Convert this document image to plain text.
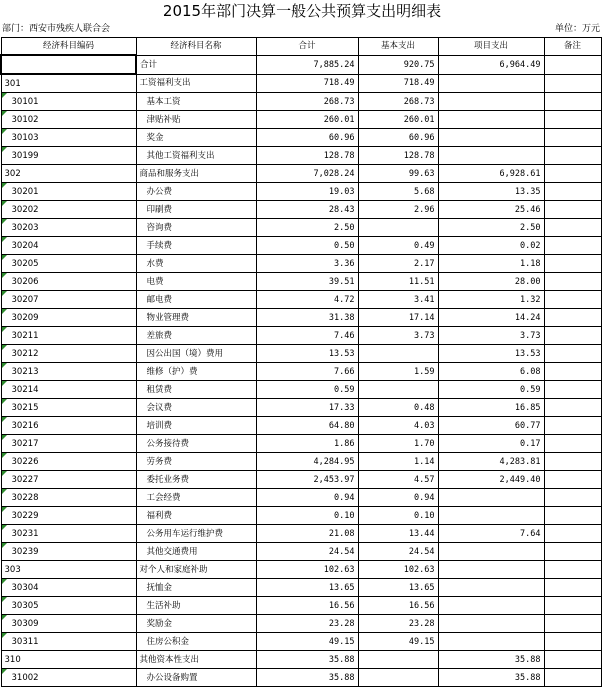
2015年部门决算一般公共预算支出明细表
部门：西安市残疾人联合会	单位：万元
经济科目编码	经济科目名称	合计	基本支出	项目支出	备注
	合计	7,885.24	920.75	6,964.49	
301	工资福利支出	718.49	718.49		

30101	基本工资	268.73	268.73		

30102	津贴补贴	260.01	260.01		

30103	奖金	60.96	60.96		

30199	其他工资福利支出	128.78	128.78		
302	商品和服务支出	7,028.24	99.63	6,928.61	

30201	办公费	19.03	5.68	13.35	

30202	印刷费	28.43	2.96	25.46	

30203	咨询费	2.50		2.50	

30204	手续费	0.50	0.49	0.02	

30205	水费	3.36	2.17	1.18	

30206	电费	39.51	11.51	28.00	

30207	邮电费	4.72	3.41	1.32	

30209	物业管理费	31.38	17.14	14.24	

30211	差旅费	7.46	3.73	3.73	

30212	因公出国（境）费用	13.53		13.53	

30213	维修（护）费	7.66	1.59	6.08	

30214	租赁费	0.59		0.59	

30215	会议费	17.33	0.48	16.85	

30216	培训费	64.80	4.03	60.77	

30217	公务接待费	1.86	1.70	0.17	

30226	劳务费	4,284.95	1.14	4,283.81	

30227	委托业务费	2,453.97	4.57	2,449.40	

30228	工会经费	0.94	0.94		

30229	福利费	0.10	0.10		

30231	公务用车运行维护费	21.08	13.44	7.64	

30239	其他交通费用	24.54	24.54		
303	对个人和家庭补助	102.63	102.63		

30304	抚恤金	13.65	13.65		

30305	生活补助	16.56	16.56		

30309	奖励金	23.28	23.28		

30311	住房公积金	49.15	49.15		
310	其他资本性支出	35.88		35.88	

31002	办公设备购置	35.88		35.88	
